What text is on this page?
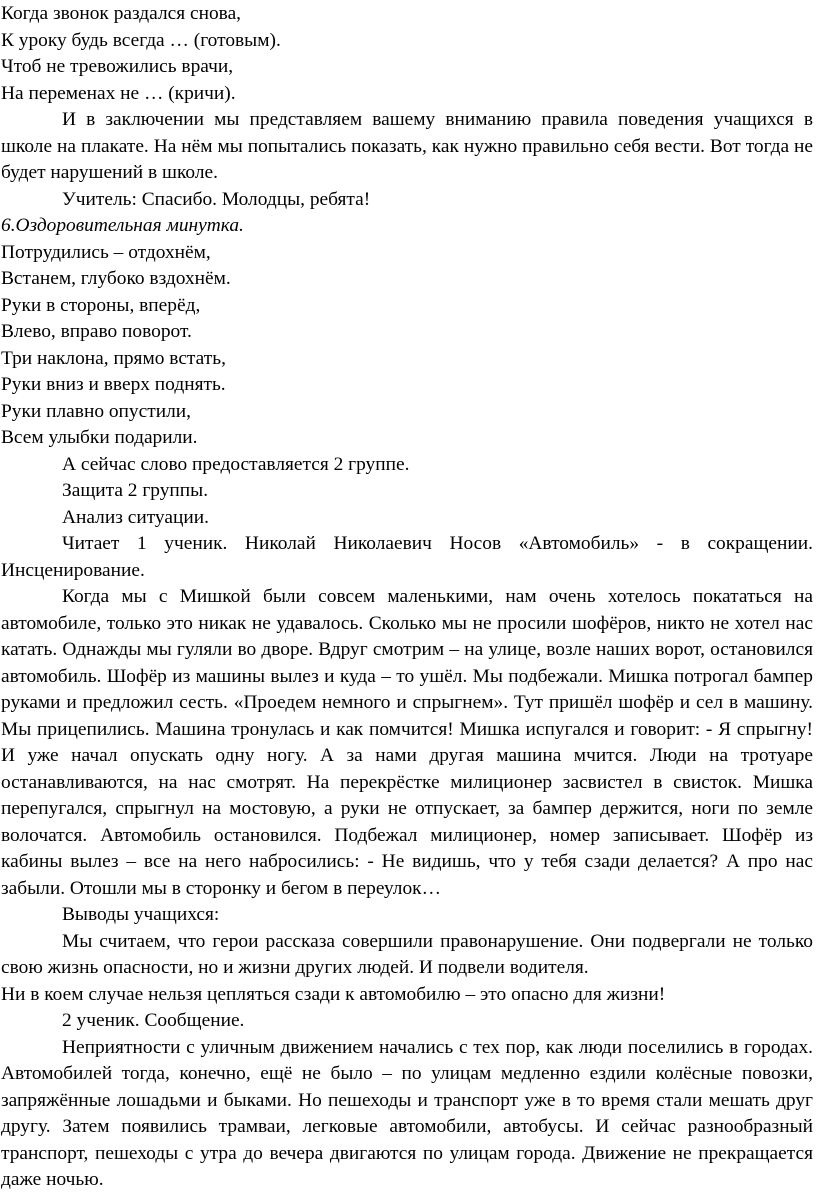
Когда звонок раздался снова,

К уроку будь всегда … (готовым).

Чтоб не тревожились врачи,

На переменах не … (кричи).

И в заключении мы представляем вашему вниманию правила поведения учащихся в школе на плакате. На нём мы попытались показать, как нужно правильно себя вести. Вот тогда не будет нарушений в школе.

Учитель: Спасибо. Молодцы, ребята!

6.Оздоровительная минутка.

Потрудились – отдохнём,

Встанем, глубоко вздохнём.

Руки в стороны, вперёд,

Влево, вправо поворот.

Три наклона, прямо встать,

Руки вниз и вверх поднять.

Руки плавно опустили,

Всем улыбки подарили.

А сейчас слово предоставляется 2 группе.

Защита 2 группы.

Анализ ситуации.

Читает 1 ученик. Николай Николаевич Носов «Автомобиль» - в сокращении. Инсценирование.

Когда мы с Мишкой были совсем маленькими, нам очень хотелось покататься на автомобиле, только это никак не удавалось. Сколько мы не просили шофёров, никто не хотел нас катать. Однажды мы гуляли во дворе. Вдруг смотрим – на улице, возле наших ворот, остановился автомобиль. Шофёр из машины вылез и куда – то ушёл. Мы подбежали. Мишка потрогал бампер руками и предложил сесть. «Проедем немного и спрыгнем». Тут пришёл шофёр и сел в машину. Мы прицепились. Машина тронулась и как помчится! Мишка испугался и говорит: - Я спрыгну! И уже начал опускать одну ногу. А за нами другая машина мчится. Люди на тротуаре останавливаются, на нас смотрят. На перекрёстке милиционер засвистел в свисток. Мишка перепугался, спрыгнул на мостовую, а руки не отпускает, за бампер держится, ноги по земле волочатся. Автомобиль остановился. Подбежал милиционер, номер записывает. Шофёр из кабины вылез – все на него набросились: - Не видишь, что у тебя сзади делается? А про нас забыли. Отошли мы в сторонку и бегом в переулок…

Выводы учащихся:

Мы считаем, что герои рассказа совершили правонарушение. Они подвергали не только свою жизнь опасности, но и жизни других людей. И подвели водителя.

Ни в коем случае нельзя цепляться сзади к автомобилю – это опасно для жизни!

2 ученик. Сообщение.

Неприятности с уличным движением начались с тех пор, как люди поселились в городах. Автомобилей тогда, конечно, ещё не было – по улицам медленно ездили колёсные повозки, запряжённые лошадьми и быками. Но пешеходы и транспорт уже в то время стали мешать друг другу. Затем появились трамваи, легковые автомобили, автобусы. И сейчас разнообразный транспорт, пешеходы с утра до вечера двигаются по улицам города. Движение не прекращается даже ночью.
